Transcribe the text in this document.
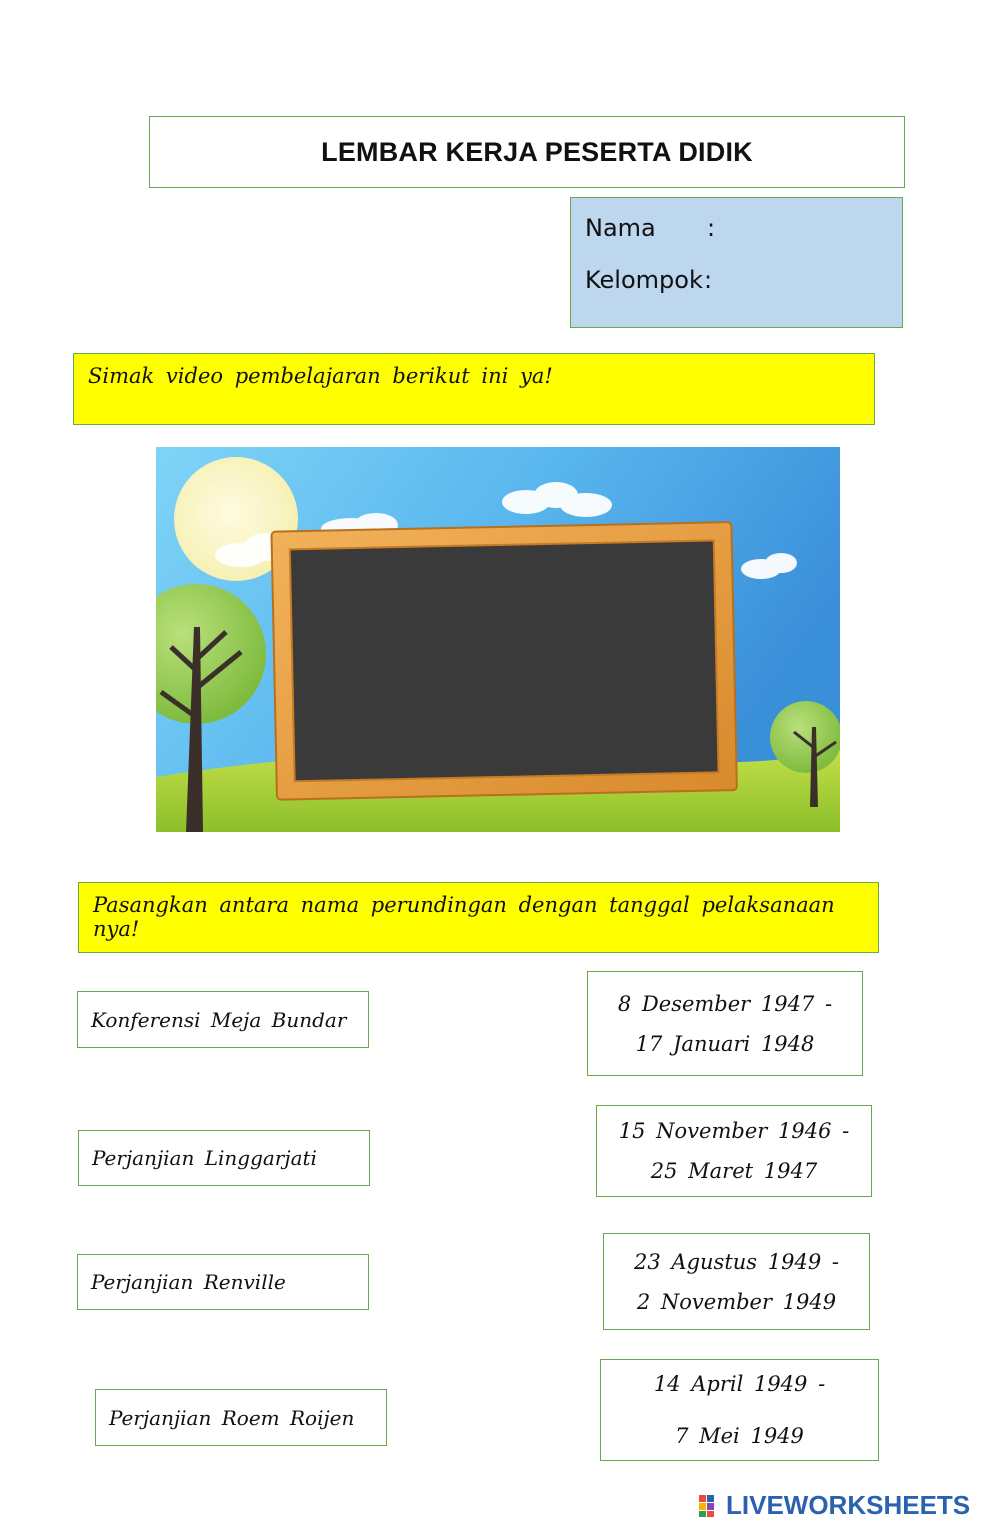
LEMBAR KERJA PESERTA DIDIK
Nama :
Kelompok :
Simak video pembelajaran berikut ini ya!
Pasangkan antara nama perundingan dengan tanggal pelaksanaan nya!
Konferensi Meja Bundar
Perjanjian Linggarjati
Perjanjian Renville
Perjanjian Roem Roijen
8 Desember 1947 -
17 Januari 1948
15 November 1946 -
25 Maret 1947
23 Agustus 1949 -
2 November 1949
14 April 1949 -
7 Mei 1949
LIVEWORKSHEETS
